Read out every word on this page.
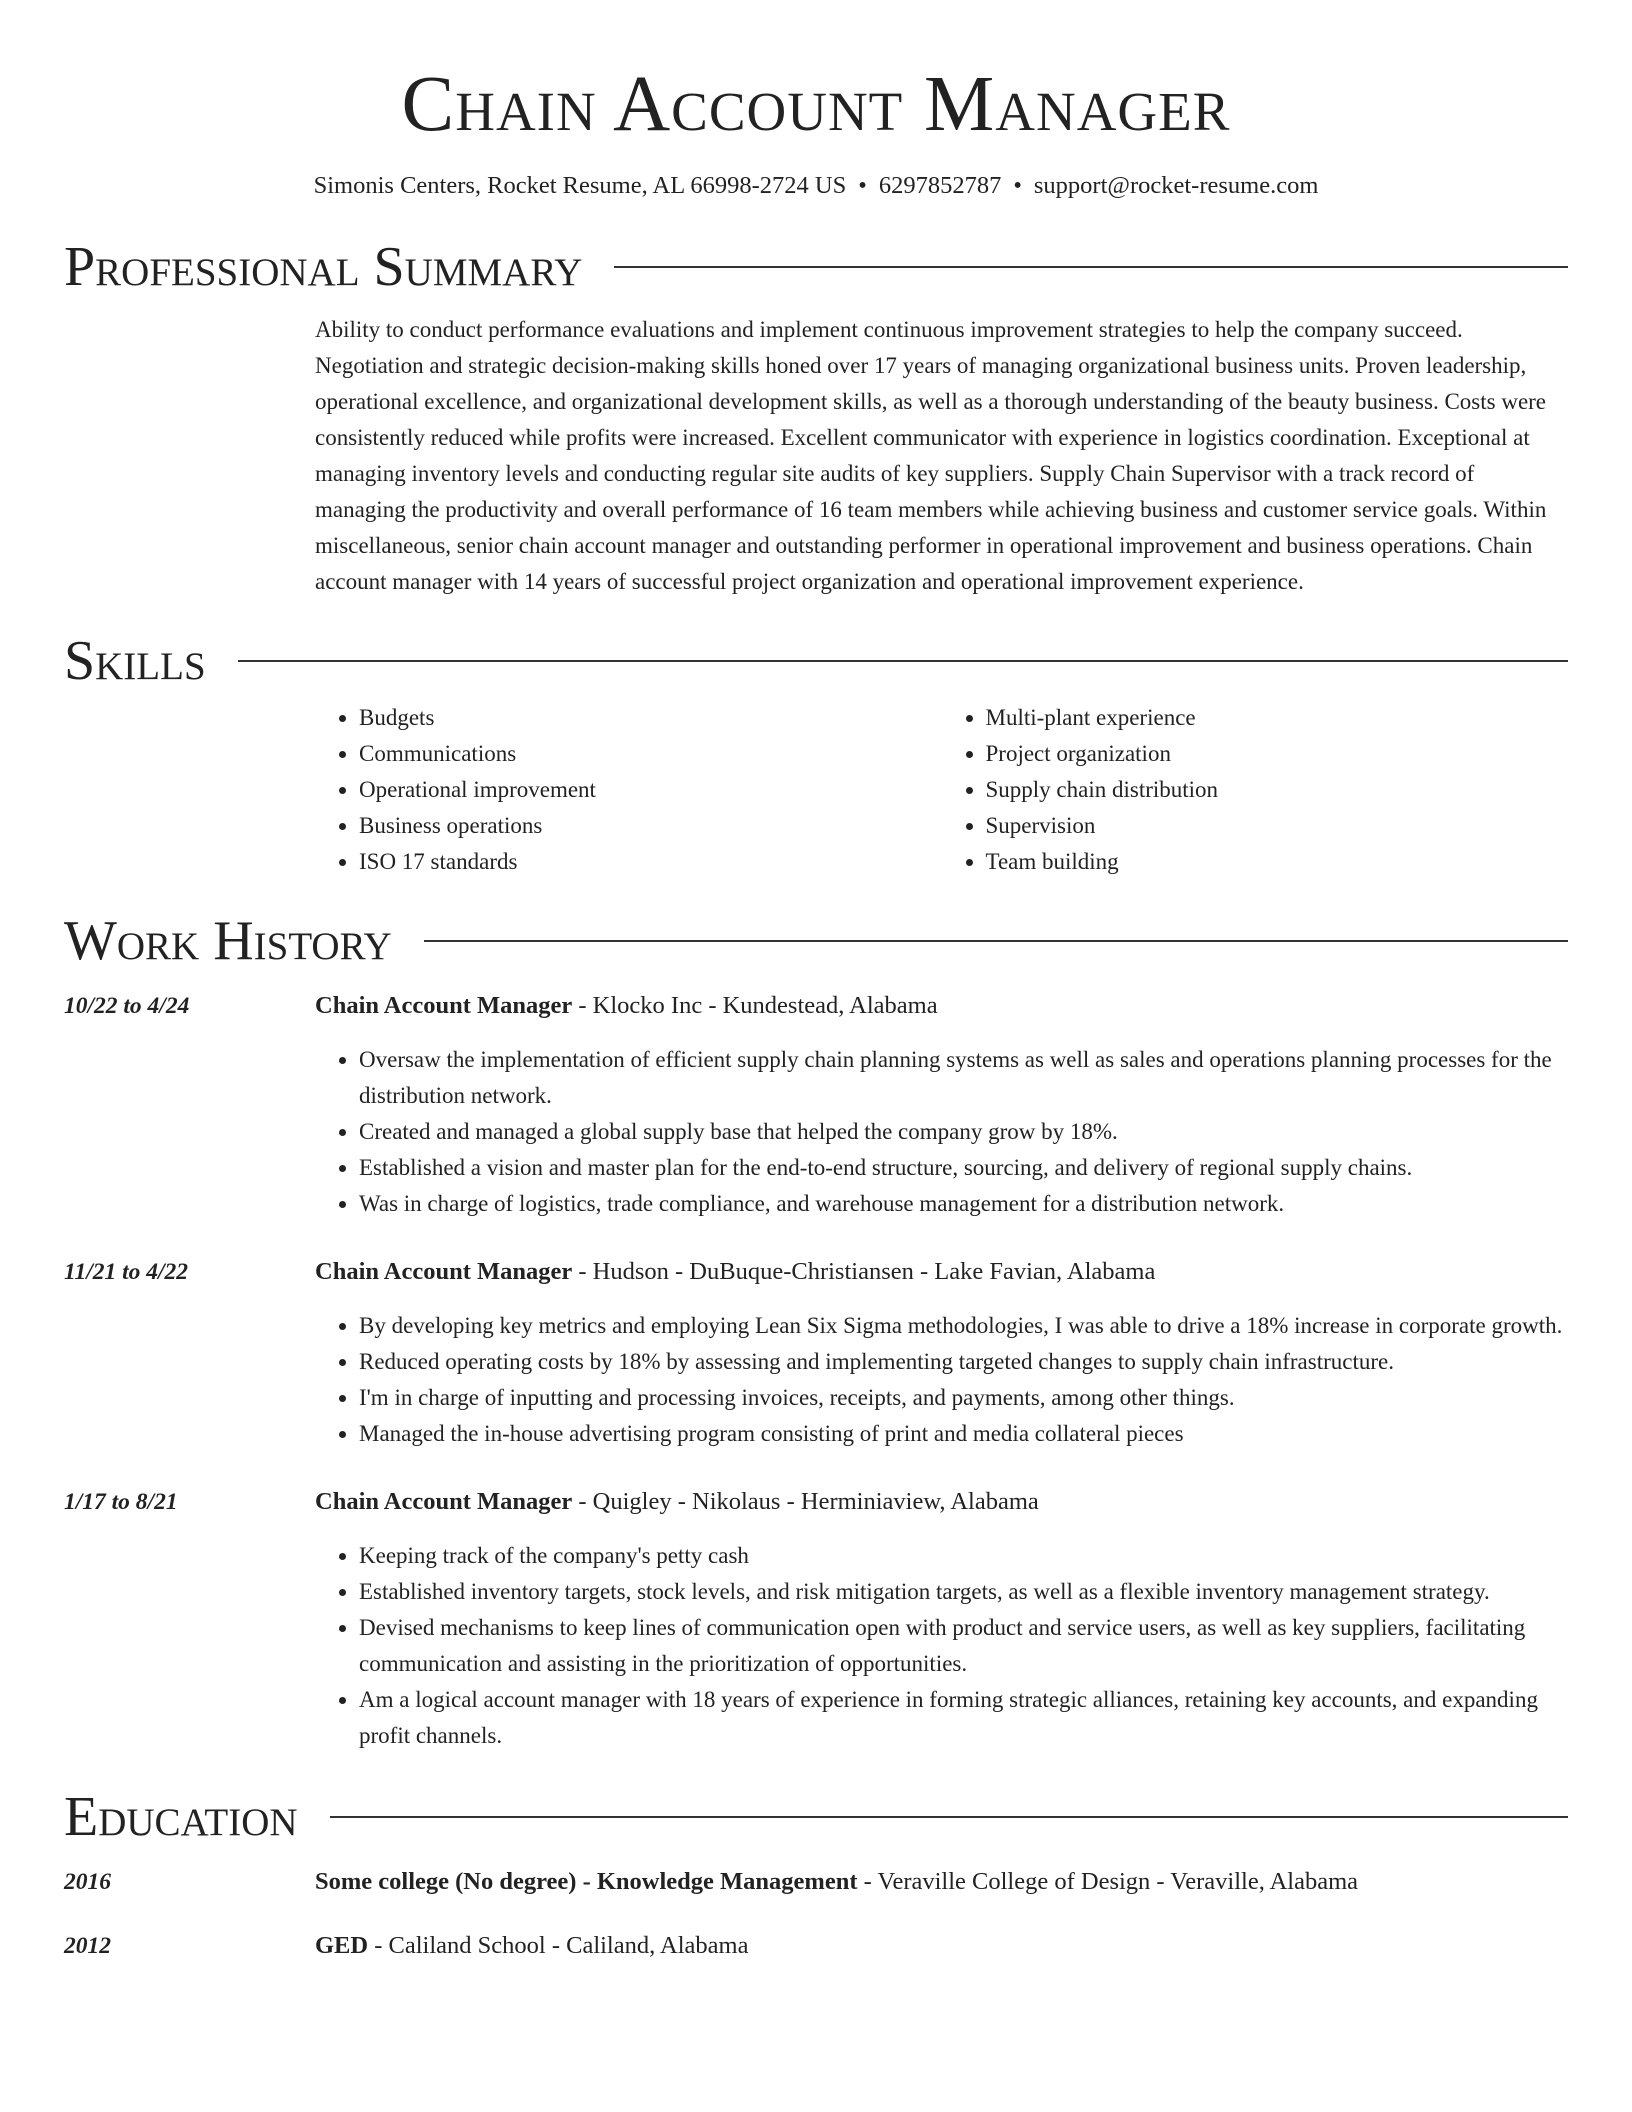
Chain Account Manager
Simonis Centers, Rocket Resume, AL 66998-2724 US • 6297852787 • support@rocket-resume.com
Professional Summary

Ability to conduct performance evaluations and implement continuous improvement strategies to help the company succeed. Negotiation and strategic decision-making skills honed over 17 years of managing organizational business units. Proven leadership, operational excellence, and organizational development skills, as well as a thorough understanding of the beauty business. Costs were consistently reduced while profits were increased. Excellent communicator with experience in logistics coordination. Exceptional at managing inventory levels and conducting regular site audits of key suppliers. Supply Chain Supervisor with a track record of managing the productivity and overall performance of 16 team members while achieving business and customer service goals. Within miscellaneous, senior chain account manager and outstanding performer in operational improvement and business operations. Chain account manager with 14 years of successful project organization and operational improvement experience.

Skills
• Budgets
• Communications
• Operational improvement
• Business operations
• ISO 17 standards
• Multi-plant experience
• Project organization
• Supply chain distribution
• Supervision
• Team building
Work History
10/22 to 4/24	Chain Account Manager - Klocko Inc - Kundestead, Alabama
• Oversaw the implementation of efficient supply chain planning systems as well as sales and operations planning processes for the distribution network.
• Created and managed a global supply base that helped the company grow by 18%.
• Established a vision and master plan for the end-to-end structure, sourcing, and delivery of regional supply chains.
• Was in charge of logistics, trade compliance, and warehouse management for a distribution network.
11/21 to 4/22	Chain Account Manager - Hudson - DuBuque-Christiansen - Lake Favian, Alabama
• By developing key metrics and employing Lean Six Sigma methodologies, I was able to drive a 18% increase in corporate growth.
• Reduced operating costs by 18% by assessing and implementing targeted changes to supply chain infrastructure.
• I'm in charge of inputting and processing invoices, receipts, and payments, among other things.
• Managed the in-house advertising program consisting of print and media collateral pieces
1/17 to 8/21	Chain Account Manager - Quigley - Nikolaus - Herminiaview, Alabama
• Keeping track of the company's petty cash
• Established inventory targets, stock levels, and risk mitigation targets, as well as a flexible inventory management strategy.
• Devised mechanisms to keep lines of communication open with product and service users, as well as key suppliers, facilitating communication and assisting in the prioritization of opportunities.
• Am a logical account manager with 18 years of experience in forming strategic alliances, retaining key accounts, and expanding profit channels.
Education
2016	Some college (No degree) - Knowledge Management - Veraville College of Design - Veraville, Alabama
2012	GED - Caliland School - Caliland, Alabama
